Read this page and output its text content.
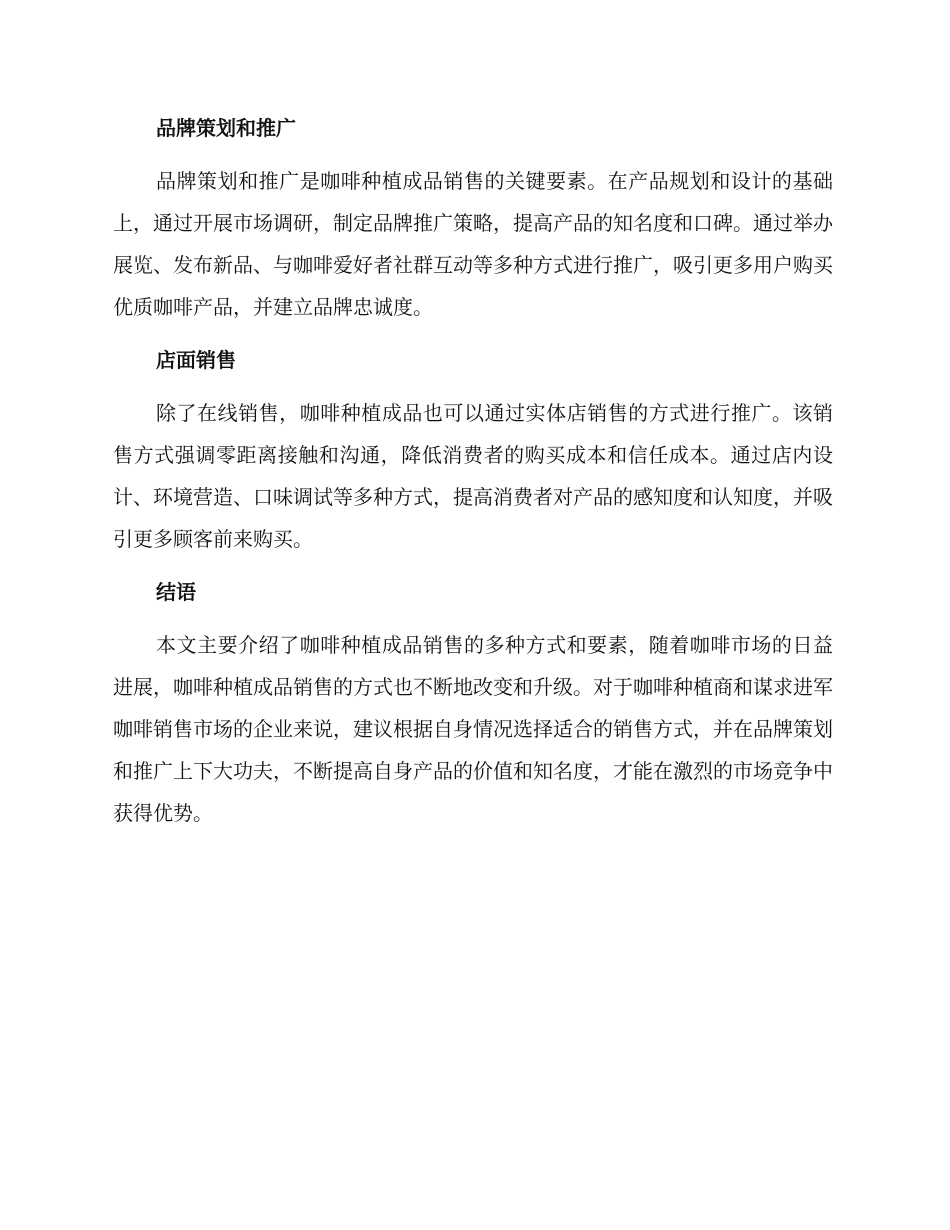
品牌策划和推广

品牌策划和推广是咖啡种植成品销售的关键要素。在产品规划和设计的基础上，通过开展市场调研，制定品牌推广策略，提高产品的知名度和口碑。通过举办展览、发布新品、与咖啡爱好者社群互动等多种方式进行推广，吸引更多用户购买优质咖啡产品，并建立品牌忠诚度。

店面销售

除了在线销售，咖啡种植成品也可以通过实体店销售的方式进行推广。该销售方式强调零距离接触和沟通，降低消费者的购买成本和信任成本。通过店内设计、环境营造、口味调试等多种方式，提高消费者对产品的感知度和认知度，并吸引更多顾客前来购买。

结语

本文主要介绍了咖啡种植成品销售的多种方式和要素，随着咖啡市场的日益进展，咖啡种植成品销售的方式也不断地改变和升级。对于咖啡种植商和谋求进军咖啡销售市场的企业来说，建议根据自身情况选择适合的销售方式，并在品牌策划和推广上下大功夫，不断提高自身产品的价值和知名度，才能在激烈的市场竞争中获得优势。
